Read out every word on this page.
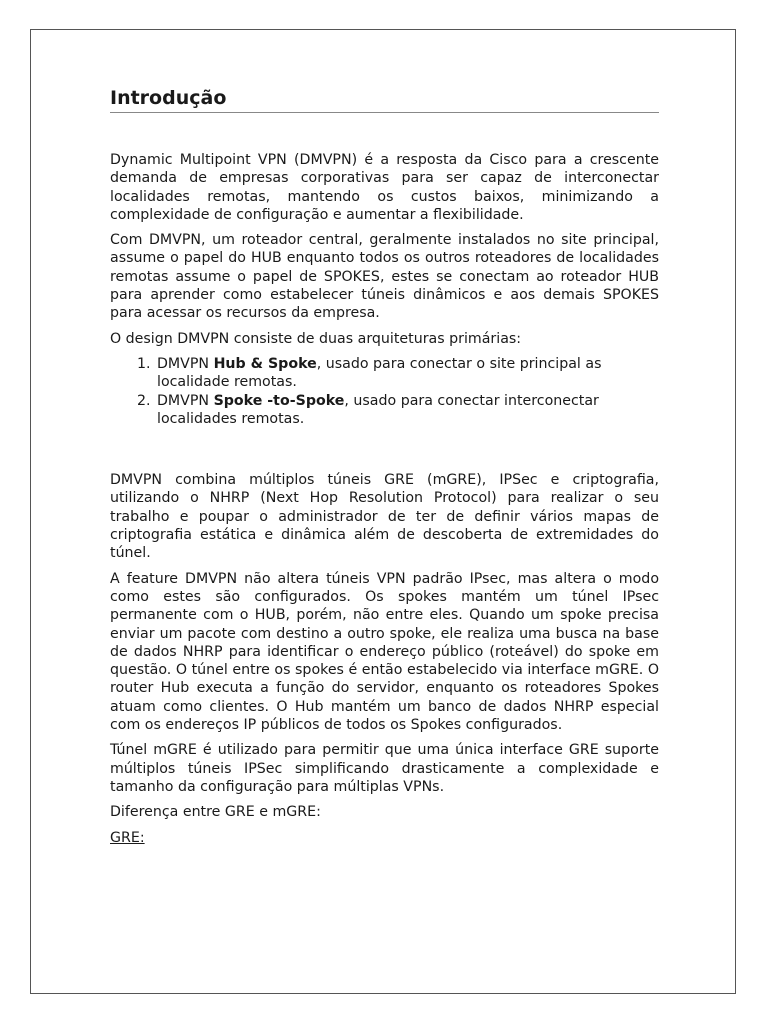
Introdução

Dynamic Multipoint VPN (DMVPN) é a resposta da Cisco para a crescente demanda de empresas corporativas para ser capaz de interconectar localidades remotas, mantendo os custos baixos, minimizando a complexidade de configuração e aumentar a flexibilidade.

Com DMVPN, um roteador central, geralmente instalados no site principal, assume o papel do HUB enquanto todos os outros roteadores de localidades remotas assume o papel de SPOKES, estes se conectam ao roteador HUB para aprender como estabelecer túneis dinâmicos e aos demais SPOKES para acessar os recursos da empresa.

O design DMVPN consiste de duas arquiteturas primárias:

1. DMVPN Hub & Spoke, usado para conectar o site principal as localidade remotas.
2. DMVPN Spoke -to-Spoke, usado para conectar interconectar localidades remotas.

DMVPN combina múltiplos túneis GRE (mGRE), IPSec e criptografia, utilizando o NHRP (Next Hop Resolution Protocol) para realizar o seu trabalho e poupar o administrador de ter de definir vários mapas de criptografia estática e dinâmica além de descoberta de extremidades do túnel.

A feature DMVPN não altera túneis VPN padrão IPsec, mas altera o modo como estes são configurados. Os spokes mantém um túnel IPsec permanente com o HUB, porém, não entre eles. Quando um spoke precisa enviar um pacote com destino a outro spoke, ele realiza uma busca na base de dados NHRP para identificar o endereço público (roteável) do spoke em questão. O túnel entre os spokes é então estabelecido via interface mGRE. O router Hub executa a função do servidor, enquanto os roteadores Spokes atuam como clientes. O Hub mantém um banco de dados NHRP especial com os endereços IP públicos de todos os Spokes configurados.

Túnel mGRE é utilizado para permitir que uma única interface GRE suporte múltiplos túneis IPSec simplificando drasticamente a complexidade e tamanho da configuração para múltiplas VPNs.

Diferença entre GRE e mGRE:

GRE:
